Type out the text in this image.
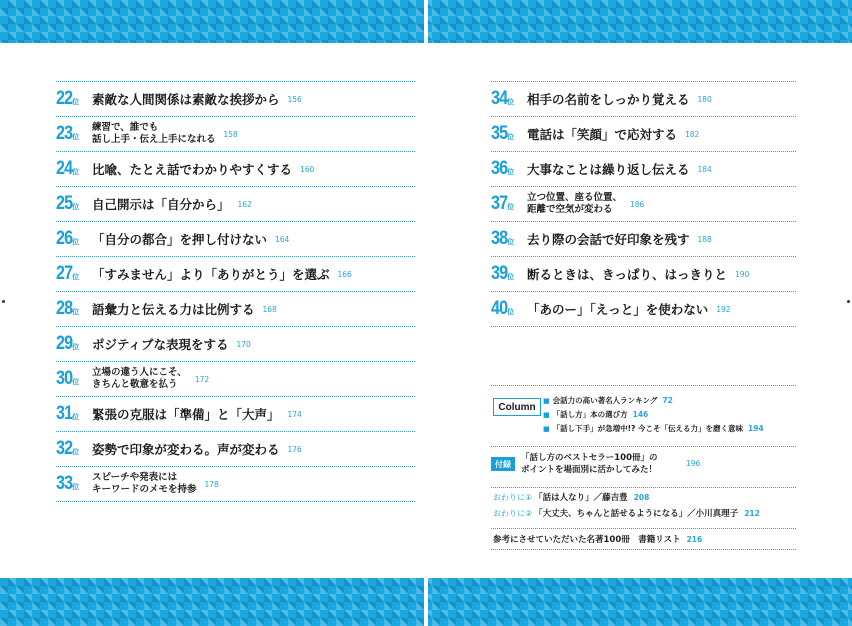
22 位 素敵な人間関係は素敵な挨拶から 156
23 位
練習で、誰でも
話し上手・伝え上手になれる 158
24 位 比喩、たとえ話でわかりやすくする 160
25 位 自己開示は「自分から」 162
26 位 「自分の都合」を押し付けない 164
27 位 「すみません」より「ありがとう」を選ぶ 166
28 位 語彙力と伝える力は比例する 168
29 位 ポジティブな表現をする 170
30 位
立場の違う人にこそ、
きちんと敬意を払う	172
31 位 緊張の克服は「準備」と「大声」 174
32 位 姿勢で印象が変わる。声が変わる 176
33 位
スピーチや発表には
キーワードのメモを持参 178
34 位 相手の名前をしっかり覚える 180
35 位 電話は「笑顔」で応対する 182
36 位 大事なことは繰り返し伝える 184
37 位
立つ位置、座る位置、
距離で空気が変わる	186
38 位 去り際の会話で好印象を残す 188
39 位 断るときは、きっぱり、はっきりと 190
40 位 「あのー」「えっと」を使わない 192
Column
■ 会話力の高い著名人ランキング 72
■ 「話し方」本の選び方 146
■ 「話し下手」が急増中!? 今こそ「伝える力」を磨く意味 194
付録
「話し方のベストセラー100冊」の
ポイントを場面別に活かしてみた！
196
おわりに① 「話は人なり」／藤吉豊 208
おわりに② 「大丈夫、ちゃんと話せるようになる」／小川真理子 212
参考にさせていただいた名著100冊　書籍リスト 216
